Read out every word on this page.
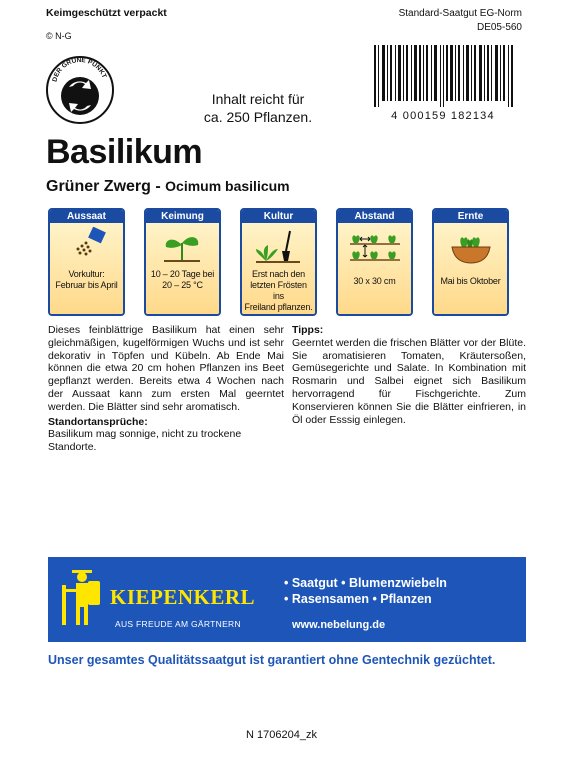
Keimgeschützt verpackt
© N-G
Standard-Saatgut EG-Norm
DE05-560
DER GRÜNE PUNKT
Inhalt reicht für
ca. 250 Pflanzen.	4 000159 182134
Basilikum
Grüner Zwerg - Ocimum basilicum
Aussaat
Vorkultur:
Februar bis April
Keimung
10 – 20 Tage bei
20 – 25 °C
Kultur
Erst nach den
letzten Frösten ins
Freiland pflanzen.
Abstand
30 x 30 cm
Ernte
Mai bis Oktober
Dieses feinblättrige Basilikum hat einen sehr gleichmäßigen, kugelförmigen Wuchs und ist sehr dekorativ in Töpfen und Kübeln. Ab Ende Mai können die etwa 20 cm hohen Pflanzen ins Beet gepflanzt werden. Bereits etwa 4 Wochen nach der Aussaat kann zum ersten Mal geerntet werden. Die Blätter sind sehr aromatisch.
Standortansprüche:
Basilikum mag sonnige, nicht zu trockene Standorte.
Tipps:
Geerntet werden die frischen Blätter vor der Blüte. Sie aromatisieren Tomaten, Kräutersoßen, Gemüsegerichte und Salate. In Kombination mit Rosmarin und Salbei eignet sich Basilikum hervorragend für Fischgerichte. Zum Konservieren können Sie die Blätter einfrieren, in Öl oder Esssig einlegen.
KIEPENKERL
AUS FREUDE AM GÄRTNERN
• Saatgut • Blumenzwiebeln
• Rasensamen • Pflanzen
www.nebelung.de
Unser gesamtes Qualitätssaatgut ist garantiert ohne Gentechnik gezüchtet.
N 1706204_zk
